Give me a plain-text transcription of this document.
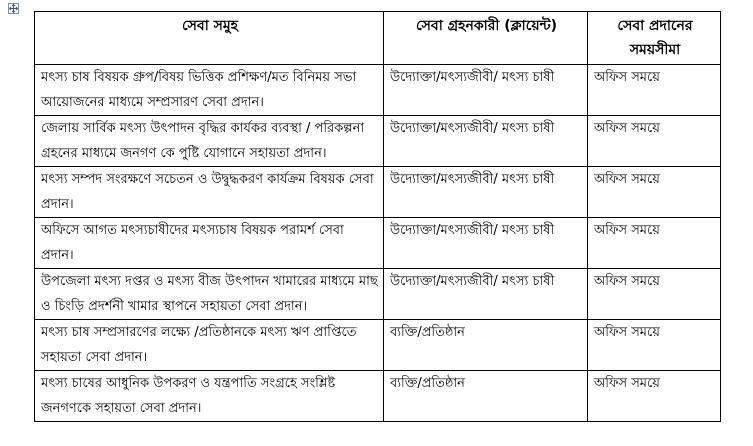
সেবা সমুহ	সেবা গ্রহনকারী (ক্লায়েন্ট)	সেবা প্রদানের সময়সীমা
মৎস্য চাষ বিষয়ক গ্রুপ/বিষয় ভিত্তিক প্রশিক্ষণ/মত বিনিময় সভা আয়োজনের মাধ্যমে সম্প্রসারণ সেবা প্রদান।	উদ্যোক্তা/মৎস্যজীবী/ মৎস্য চাষী	অফিস সময়ে
জেলায় সার্বিক মৎস্য উৎপাদন বৃদ্ধির কার্যকর ব্যবস্থা / পরিকল্পনা গ্রহনের মাধ্যমে জনগণ কে পুষ্টি যোগানে সহায়তা প্রদান।	উদ্যোক্তা/মৎস্যজীবী/ মৎস্য চাষী	অফিস সময়ে
মৎস্য সম্পদ সংরক্ষণে সচেতন ও উদ্বুদ্ধকরণ কার্যক্রম বিষয়ক সেবা প্রদান।	উদ্যোক্তা/মৎস্যজীবী/ মৎস্য চাষী	অফিস সময়ে
অফিসে আগত মৎস্যচাষীদের মৎস্যচাষ বিষয়ক পরামর্শ সেবা প্রদান।	উদ্যোক্তা/মৎস্যজীবী/ মৎস্য চাষী	অফিস সময়ে
উপজেলা মৎস্য দপ্তর ও মৎস্য বীজ উৎপাদন খামারের মাধ্যমে মাছ ও চিংড়ি প্রদর্শনী খামার স্থাপনে সহায়তা সেবা প্রদান।	উদ্যোক্তা/মৎস্যজীবী/ মৎস্য চাষী	অফিস সময়ে
মৎস্য চাষ সম্প্রসারণের লক্ষ্যে /প্রতিষ্ঠানকে মৎস্য ঋণ প্রাপ্তিতে সহায়তা সেবা প্রদান।	ব্যক্তি/প্রতিষ্ঠান	অফিস সময়ে
মৎস্য চাষের আধুনিক উপকরণ ও যন্ত্রপাতি সংগ্রহে সংশ্লিষ্ট জনগণকে সহায়তা সেবা প্রদান।	ব্যক্তি/প্রতিষ্ঠান	অফিস সময়ে
